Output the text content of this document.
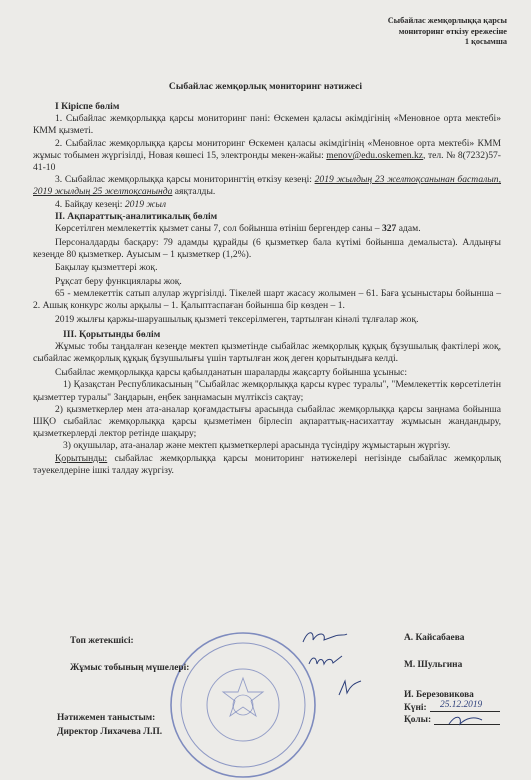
Сыбайлас жемқорлыққа қарсы
мониторинг өткізу ережесіне
1 қосымша
Сыбайлас жемқорлық мониторинг нәтижесі

I Кіріспе бөлім

1. Сыбайлас жемқорлыққа қарсы мониторинг пәні: Өскемен қаласы әкімдігінің «Меновное орта мектебі» КММ қызметі.

2. Сыбайлас жемқорлыққа қарсы мониторинг Өскемен қаласы әкімдігінің «Меновное орта мектебі» КММ жұмыс тобымен жүргізілді, Новая көшесі 15, электронды мекен-жайы: menov@edu.oskemen.kz, тел. № 8(7232)57-41-10

3. Сыбайлас жемқорлыққа қарсы мониторингтің өткізу кезеңі: 2019 жылдың 23 желтоқсанынан басталып, 2019 жылдың 25 желтоқсанында аяқталды.

4. Байқау кезеңі: 2019 жыл

II. Ақпараттық-аналитикалық бөлім

Көрсетілген мемлекеттік қызмет саны 7, сол бойынша өтініш бергендер саны – 327 адам.

Персоналдарды басқару: 79 адамды құрайды (6 қызметкер бала күтімі бойынша демалыста). Алдыңғы кезеңде 80 қызметкер. Ауысым – 1 қызметкер (1,2%).

Бақылау қызметтері жоқ.

Рұқсат беру функциялары жоқ.

65 - мемлекеттік сатып алулар жүргізілді. Тікелей шарт жасасу жолымен – 61. Баға ұсыныстары бойынша – 2. Ашық конкурс жолы арқылы – 1. Қалыптаспаған бойынша бір көзден – 1.

2019 жылғы қаржы-шаруашылық қызметі тексерілмеген, тартылған кінәлі тұлғалар жоқ.

III. Қорытынды бөлім

Жұмыс тобы таңдалған кезеңде мектеп қызметінде сыбайлас жемқорлық құқық бұзушылық фактілері жоқ, сыбайлас жемқорлық құқық бұзушылығы үшін тартылған жоқ деген қорытындыға келді.

Сыбайлас жемқорлыққа қарсы қабылданатын шараларды жақсарту бойынша ұсыныс:

1) Қазақстан Республикасының "Сыбайлас жемқорлыққа қарсы күрес туралы", "Мемлекеттік көрсетілетін қызметтер туралы" Заңдарын, еңбек заңнамасын мүлтіксіз сақтау;

2) қызметкерлер мен ата-аналар қоғамдастығы арасында сыбайлас жемқорлыққа қарсы заңнама бойынша ШҚО сыбайлас жемқорлыққа қарсы қызметімен бірлесіп ақпараттық-насихаттау жұмысын жандандыру, қызметкерлерді лектор ретінде шақыру;

3) оқушылар, ата-аналар және мектеп қызметкерлері арасында түсіндіру жұмыстарын жүргізу.

Қорытынды: сыбайлас жемқорлыққа қарсы мониторинг нәтижелері негізінде сыбайлас жемқорлық тәуекелдеріне ішкі талдау жүргізу.

Топ жетекшісі:
Жұмыс тобының мүшелері:
Нәтижемен таныстым:
Директор Лихачева Л.П.
А. Кайсабаева
М. Шульгина
И. Березовикова
Күні: 25.12.2019
Қолы:
